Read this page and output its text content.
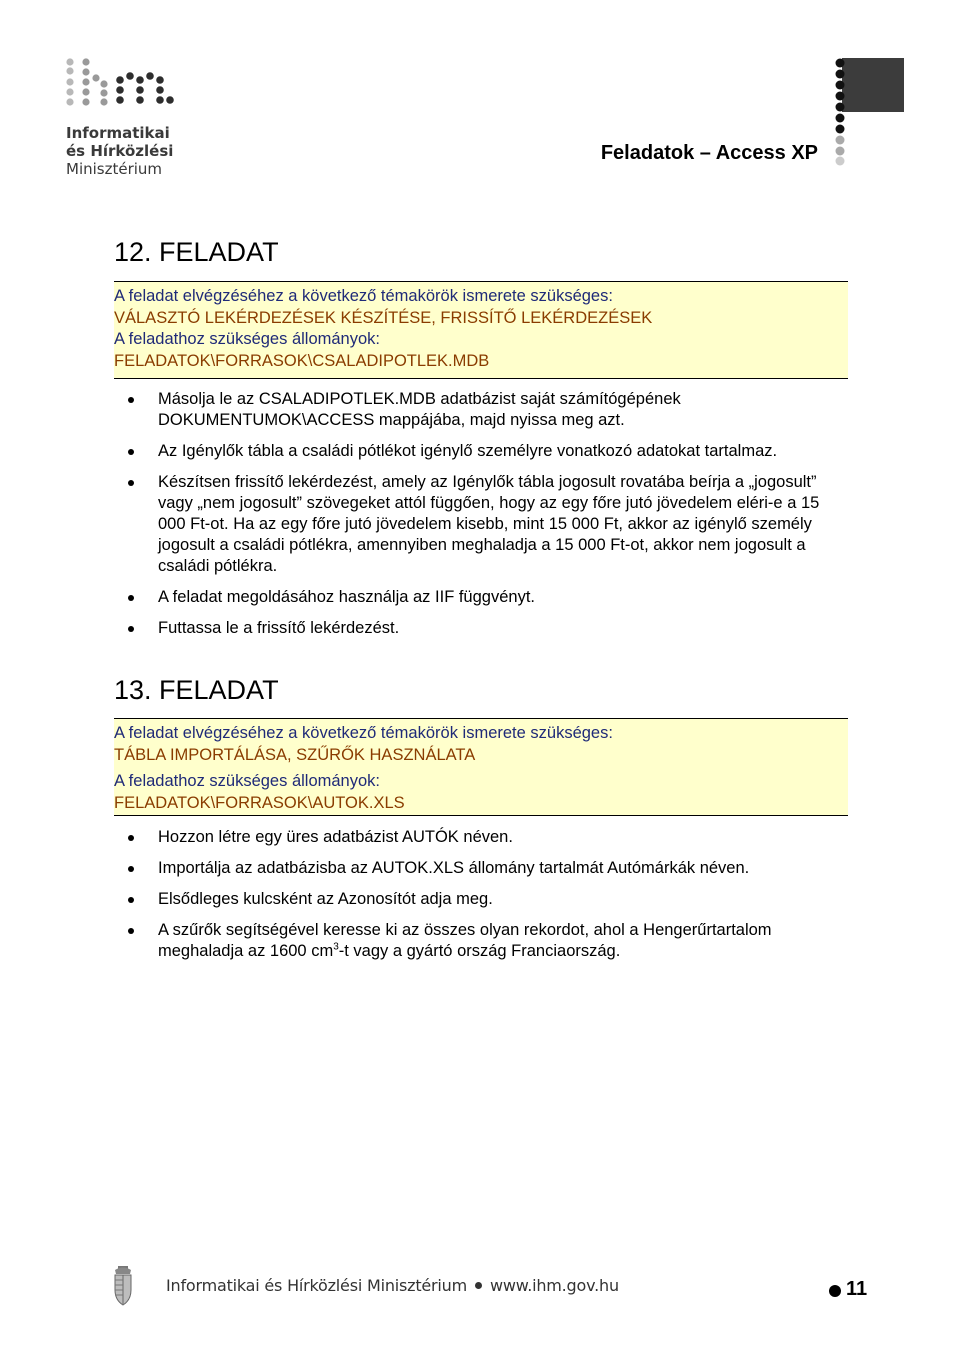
Informatikai
és Hírközlési
Minisztérium
Feladatok – Access XP
12. FELADAT
A feladat elvégzéséhez a következő témakörök ismerete szükséges:
VÁLASZTÓ LEKÉRDEZÉSEK KÉSZÍTÉSE, FRISSÍTŐ LEKÉRDEZÉSEK
A feladathoz szükséges állományok:
FELADATOK\FORRASOK\CSALADIPOTLEK.MDB
Másolja le az CSALADIPOTLEK.MDB adatbázist saját számítógépének DOKUMENTUMOK\ACCESS mappájába, majd nyissa meg azt.
Az Igénylők tábla a családi pótlékot igénylő személyre vonatkozó adatokat tartalmaz.
Készítsen frissítő lekérdezést, amely az Igénylők tábla jogosult rovatába beírja a „jogosult” vagy „nem jogosult” szövegeket attól függően, hogy az egy főre jutó jövedelem eléri-e a 15 000 Ft-ot. Ha az egy főre jutó jövedelem kisebb, mint 15 000 Ft, akkor az igénylő személy jogosult a családi pótlékra, amennyiben meghaladja a 15 000 Ft-ot, akkor nem jogosult a családi pótlékra.
A feladat megoldásához használja az IIF függvényt.
Futtassa le a frissítő lekérdezést.
13. FELADAT
A feladat elvégzéséhez a következő témakörök ismerete szükséges:
TÁBLA IMPORTÁLÁSA, SZŰRŐK HASZNÁLATA
A feladathoz szükséges állományok:
FELADATOK\FORRASOK\AUTOK.XLS
Hozzon létre egy üres adatbázist AUTÓK néven.
Importálja az adatbázisba az AUTOK.XLS állomány tartalmát Autómárkák néven.
Elsődleges kulcsként az Azonosítót adja meg.
A szűrők segítségével keresse ki az összes olyan rekordot, ahol a Hengerűrtartalom meghaladja az 1600 $cm^3-t$ vagy a gyártó ország Franciaország.
Informatikai és Hírközlési Minisztérium www.ihm.gov.hu	11
